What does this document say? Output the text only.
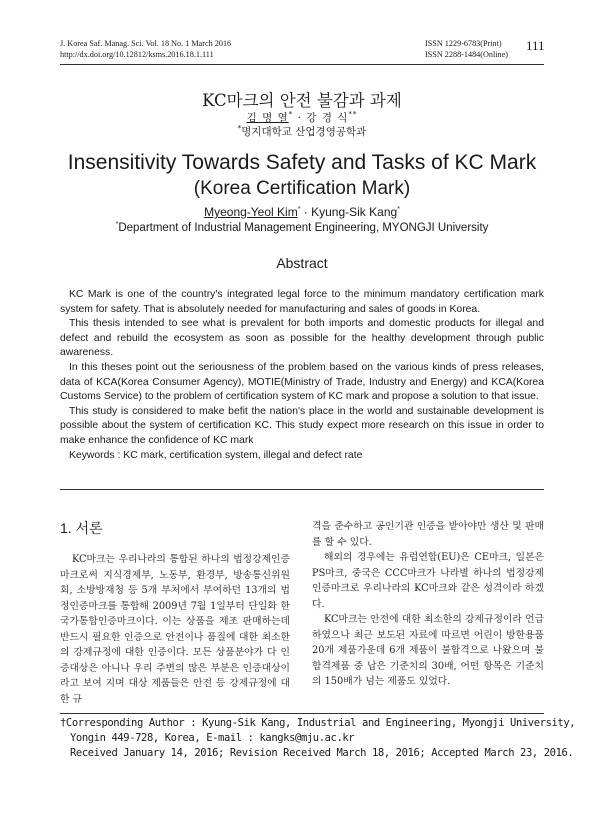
J. Korea Saf. Manag. Sci. Vol. 18 No. 1 March 2016
http://dx.doi.org/10.12812/ksms.2016.18.1.111
ISSN 1229-6783(Print)
ISSN 2288-1484(Online)
111
KC마크의 안전 불감과 과제
김 명 열* · 강 경 식**
*명지대학교 산업경영공학과
Insensitivity Towards Safety and Tasks of KC Mark
(Korea Certification Mark)
Myeong-Yeol Kim* · Kyung-Sik Kang*
*Department of Industrial Management Engineering, MYONGJI University
Abstract

KC Mark is one of the country's integrated legal force to the minimum mandatory certification mark system for safety. That is absolutely needed for manufacturing and sales of goods in Korea.

This thesis intended to see what is prevalent for both imports and domestic products for illegal and defect and rebuild the ecosystem as soon as possible for the healthy development through public awareness.

In this theses point out the seriousness of the problem based on the various kinds of press releases, data of KCA(Korea Consumer Agency), MOTIE(Ministry of Trade, Industry and Energy) and KCA(Korea Customs Service) to the problem of certification system of KC mark and propose a solution to that issue.

This study is considered to make befit the nation's place in the world and sustainable development is possible about the system of certification KC. This study expect more research on this issue in order to make enhance the confidence of KC mark

Keywords : KC mark, certification system, illegal and defect rate

1. 서론

KC마크는 우리나라의 통합된 하나의 법정강제인증 마크로써 지식경제부, 노동부, 환경부, 방송통신위원회, 소방방재청 등 5개 부처에서 부여하던 13개의 법정인증마크를 통합해 2009년 7월 1일부터 단일화 한 국가통합인증마크이다. 이는 상품을 제조 판매하는데 반드시 필요한 인증으로 안전이나 품질에 대한 최소한의 강제규정에 대한 인증이다. 모든 상품분야가 다 인증대상은 아니나 우리 주변의 많은 부분은 인증대상이라고 보여 지며 대상 제품들은 안전 등 강제규정에 대한 규

격을 준수하고 공인기관 인증을 받아야만 생산 및 판매를 할 수 있다.

해외의 경우에는 유럽연합(EU)은 CE마크, 일본은 PS마크, 중국은 CCC마크가 나라별 하나의 법정강제인증마크로 우리나라의 KC마크와 같은 성격이라 하겠다.

KC마크는 안전에 대한 최소한의 강제규정이라 언급하였으나 최근 보도된 자료에 따르면 어린이 방한용품 20개 제품가운데 6개 제품이 불합격으로 나왔으며 불합격제품 중 납은 기준치의 30배, 어떤 항목은 기준치의 150배가 넘는 제품도 있었다.

†Corresponding Author : Kyung-Sik Kang, Industrial and Engineering, Myongji University,
Yongin 449-728, Korea, E-mail : kangks@mju.ac.kr
Received January 14, 2016; Revision Received March 18, 2016; Accepted March 23, 2016.
